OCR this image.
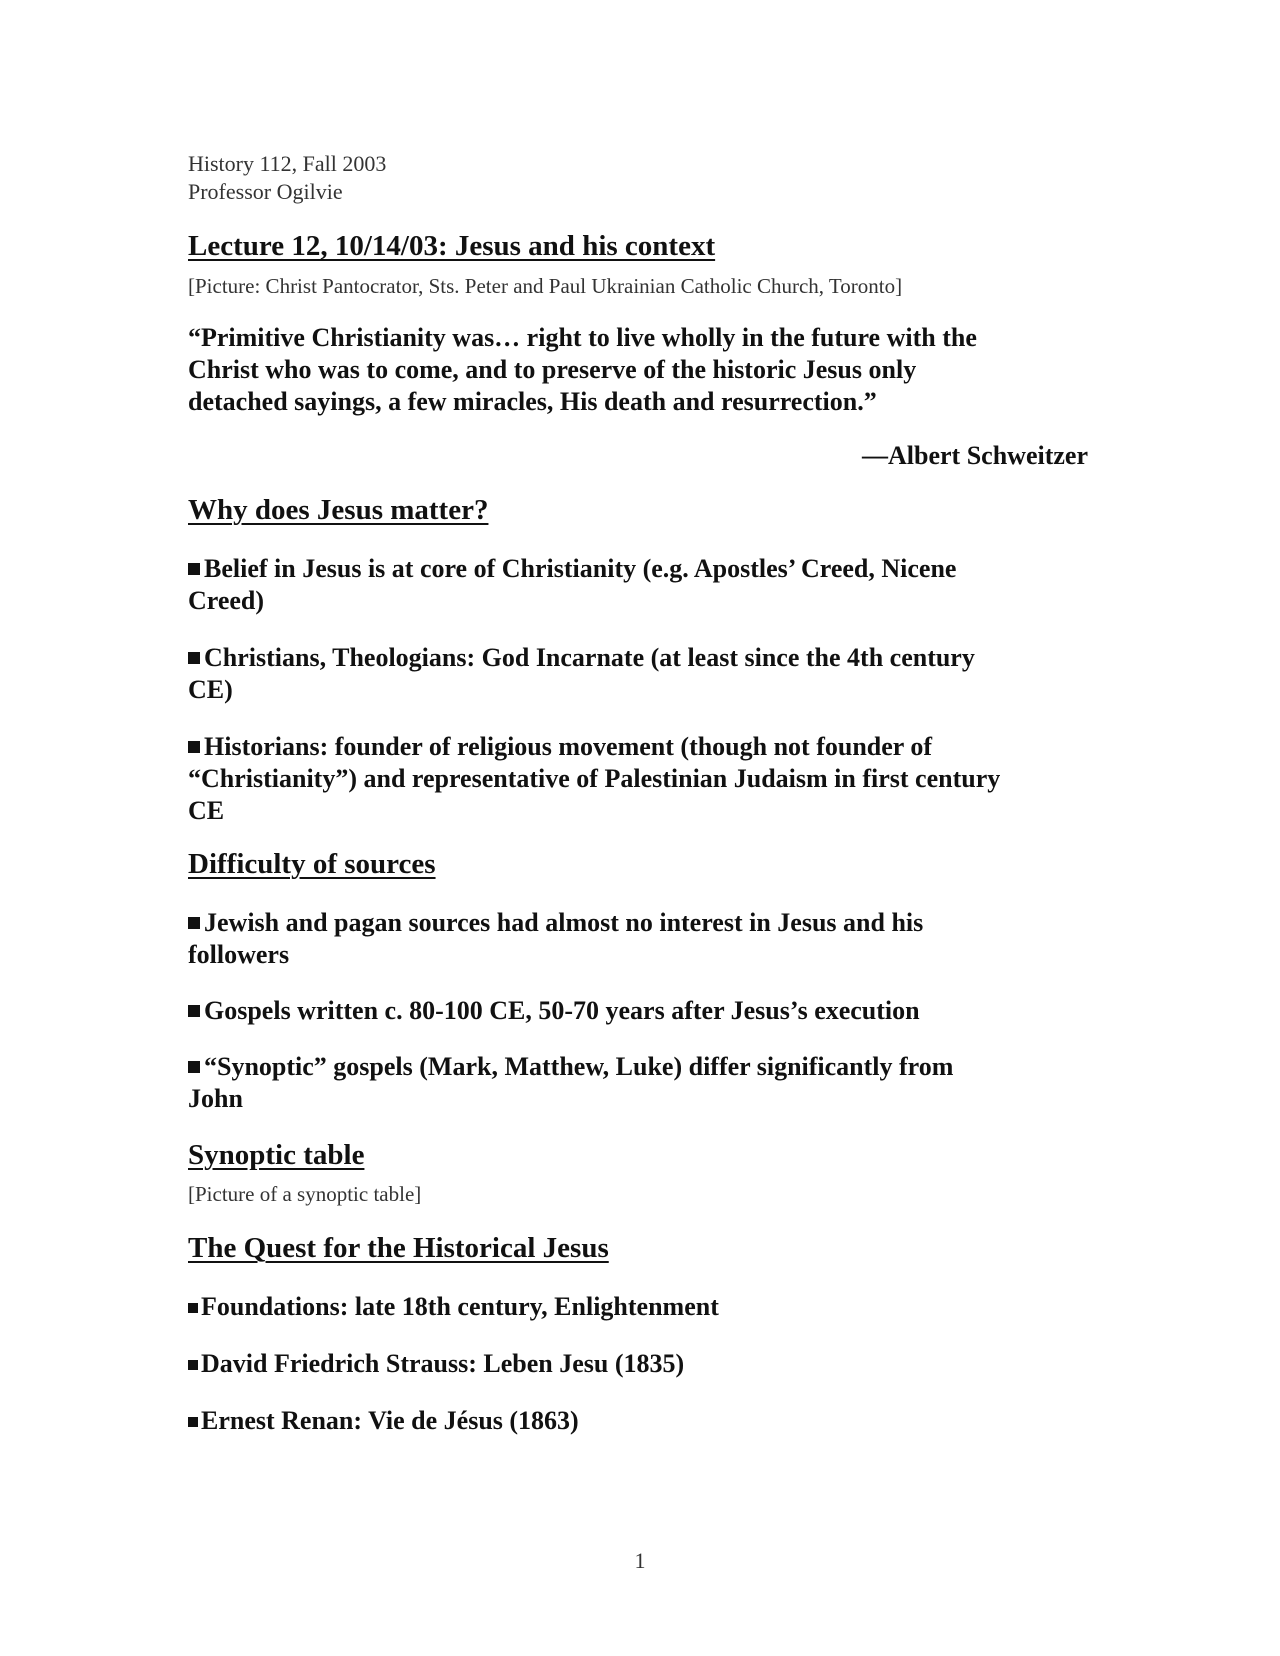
History 112, Fall 2003
Professor Ogilvie
Lecture 12, 10/14/03: Jesus and his context
[Picture: Christ Pantocrator, Sts. Peter and Paul Ukrainian Catholic Church, Toronto]

“Primitive Christianity was… right to live wholly in the future with the

Christ who was to come, and to preserve of the historic Jesus only

detached sayings, a few miracles, His death and resurrection.”

—Albert Schweitzer
Why does Jesus matter?

Belief in Jesus is at core of Christianity (e.g. Apostles’ Creed, Nicene

Creed)

Christians, Theologians: God Incarnate (at least since the 4th century

CE)

Historians: founder of religious movement (though not founder of

“Christianity”) and representative of Palestinian Judaism in first century

CE

Difficulty of sources

Jewish and pagan sources had almost no interest in Jesus and his

followers

Gospels written c. 80-100 CE, 50-70 years after Jesus’s execution

“Synoptic” gospels (Mark, Matthew, Luke) differ significantly from

John

Synoptic table
[Picture of a synoptic table]
The Quest for the Historical Jesus

Foundations: late 18th century, Enlightenment

David Friedrich Strauss: Leben Jesu (1835)

Ernest Renan: Vie de Jésus (1863)

1
